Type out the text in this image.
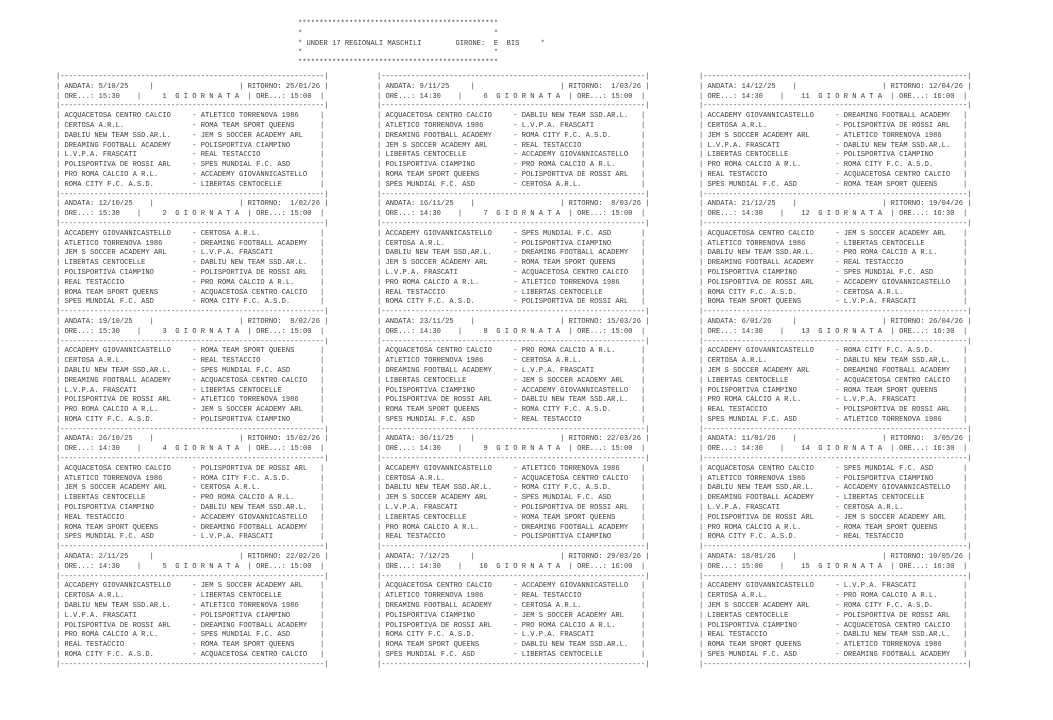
***********************************************
*                                             *
* UNDER 17 REGIONALI MASCHILI	GIRONE: E  BIS	*
*                                             *
***********************************************
|--------------------------------------------------------------|
| ANDATA: 5/10/25     |                    | RITORNO: 25/01/26 |
| ORE...: 15:30    |     1  G I O R N A T A  | ORE...: 15:00  |
|--------------------------------------------------------------|
| ACQUACETOSA CENTRO CALCIO     - ATLETICO TORRENOVA 1986     |
| CERTOSA A.R.L.                - ROMA TEAM SPORT QUEENS      |
| DABLIU NEW TEAM SSD.AR.L.     - JEM S SOCCER ACADEMY ARL    |
| DREAMING FOOTBALL ACADEMY     - POLISPORTIVA CIAMPINO       |
| L.V.P.A. FRASCATI             - REAL TESTACCIO              |
| POLISPORTIVA DE ROSSI ARL     - SPES MUNDIAL F.C. ASD       |
| PRO ROMA CALCIO A R.L.        - ACCADEMY GIOVANNICASTELLO   |
| ROMA CITY F.C. A.S.D.         - LIBERTAS CENTOCELLE         |
|--------------------------------------------------------------|
| ANDATA: 12/10/25    |                    | RITORNO:  1/02/26 |
| ORE...: 15:30    |     2  G I O R N A T A  | ORE...: 15:00  |
|--------------------------------------------------------------|
| ACCADEMY GIOVANNICASTELLO     - CERTOSA A.R.L.              |
| ATLETICO TORRENOVA 1986       - DREAMING FOOTBALL ACADEMY   |
| JEM S SOCCER ACADEMY ARL      - L.V.P.A. FRASCATI           |
| LIBERTAS CENTOCELLE           - DABLIU NEW TEAM SSD.AR.L.   |
| POLISPORTIVA CIAMPINO         - POLISPORTIVA DE ROSSI ARL   |
| REAL TESTACCIO                - PRO ROMA CALCIO A R.L.      |
| ROMA TEAM SPORT QUEENS        - ACQUACETOSA CENTRO CALCIO   |
| SPES MUNDIAL F.C. ASD         - ROMA CITY F.C. A.S.D.       |
|--------------------------------------------------------------|
| ANDATA: 19/10/25    |                    | RITORNO:  8/02/26 |
| ORE...: 15:30    |     3  G I O R N A T A  | ORE...: 15:00  |
|--------------------------------------------------------------|
| ACCADEMY GIOVANNICASTELLO     - ROMA TEAM SPORT QUEENS      |
| CERTOSA A.R.L.                - REAL TESTACCIO              |
| DABLIU NEW TEAM SSD.AR.L.     - SPES MUNDIAL F.C. ASD       |
| DREAMING FOOTBALL ACADEMY     - ACQUACETOSA CENTRO CALCIO   |
| L.V.P.A. FRASCATI             - LIBERTAS CENTOCELLE         |
| POLISPORTIVA DE ROSSI ARL     - ATLETICO TORRENOVA 1986     |
| PRO ROMA CALCIO A R.L.        - JEM S SOCCER ACADEMY ARL    |
| ROMA CITY F.C. A.S.D.         - POLISPORTIVA CIAMPINO       |
|--------------------------------------------------------------|
| ANDATA: 26/10/25    |                    | RITORNO: 15/02/26 |
| ORE...: 14:30    |     4  G I O R N A T A  | ORE...: 15:00  |
|--------------------------------------------------------------|
| ACQUACETOSA CENTRO CALCIO     - POLISPORTIVA DE ROSSI ARL   |
| ATLETICO TORRENOVA 1986       - ROMA CITY F.C. A.S.D.       |
| JEM S SOCCER ACADEMY ARL      - CERTOSA A.R.L.              |
| LIBERTAS CENTOCELLE           - PRO ROMA CALCIO A R.L.      |
| POLISPORTIVA CIAMPINO         - DABLIU NEW TEAM SSD.AR.L.   |
| REAL TESTACCIO                - ACCADEMY GIOVANNICASTELLO   |
| ROMA TEAM SPORT QUEENS        - DREAMING FOOTBALL ACADEMY   |
| SPES MUNDIAL F.C. ASD         - L.V.P.A. FRASCATI           |
|--------------------------------------------------------------|
| ANDATA: 2/11/25     |                    | RITORNO: 22/02/26 |
| ORE...: 14:30    |     5  G I O R N A T A  | ORE...: 15:00  |
|--------------------------------------------------------------|
| ACCADEMY GIOVANNICASTELLO     - JEM S SOCCER ACADEMY ARL    |
| CERTOSA A.R.L.                - LIBERTAS CENTOCELLE         |
| DABLIU NEW TEAM SSD.AR.L.     - ATLETICO TORRENOVA 1986     |
| L.V.P.A. FRASCATI             - POLISPORTIVA CIAMPINO       |
| POLISPORTIVA DE ROSSI ARL     - DREAMING FOOTBALL ACADEMY   |
| PRO ROMA CALCIO A R.L.        - SPES MUNDIAL F.C. ASD       |
| REAL TESTACCIO                - ROMA TEAM SPORT QUEENS      |
| ROMA CITY F.C. A.S.D.         - ACQUACETOSA CENTRO CALCIO   |
|--------------------------------------------------------------|
|--------------------------------------------------------------|
| ANDATA: 9/11/25     |                    | RITORNO:  1/03/26 |
| ORE...: 14:30    |     6  G I O R N A T A  | ORE...: 15:00  |
|--------------------------------------------------------------|
| ACQUACETOSA CENTRO CALCIO     - DABLIU NEW TEAM SSD.AR.L.   |
| ATLETICO TORRENOVA 1986       - L.V.P.A. FRASCATI           |
| DREAMING FOOTBALL ACADEMY     - ROMA CITY F.C. A.S.D.       |
| JEM S SOCCER ACADEMY ARL      - REAL TESTACCIO              |
| LIBERTAS CENTOCELLE           - ACCADEMY GIOVANNICASTELLO   |
| POLISPORTIVA CIAMPINO         - PRO ROMA CALCIO A R.L.      |
| ROMA TEAM SPORT QUEENS        - POLISPORTIVA DE ROSSI ARL   |
| SPES MUNDIAL F.C. ASD         - CERTOSA A.R.L.              |
|--------------------------------------------------------------|
| ANDATA: 16/11/25    |                    | RITORNO:  8/03/26 |
| ORE...: 14:30    |     7  G I O R N A T A  | ORE...: 15:00  |
|--------------------------------------------------------------|
| ACCADEMY GIOVANNICASTELLO     - SPES MUNDIAL F.C. ASD       |
| CERTOSA A.R.L.                - POLISPORTIVA CIAMPINO       |
| DABLIU NEW TEAM SSD.AR.L.     - DREAMING FOOTBALL ACADEMY   |
| JEM S SOCCER ACADEMY ARL      - ROMA TEAM SPORT QUEENS      |
| L.V.P.A. FRASCATI             - ACQUACETOSA CENTRO CALCIO   |
| PRO ROMA CALCIO A R.L.        - ATLETICO TORRENOVA 1986     |
| REAL TESTACCIO                - LIBERTAS CENTOCELLE         |
| ROMA CITY F.C. A.S.D.         - POLISPORTIVA DE ROSSI ARL   |
|--------------------------------------------------------------|
| ANDATA: 23/11/25    |                    | RITORNO: 15/03/26 |
| ORE...: 14:30    |     8  G I O R N A T A  | ORE...: 15:00  |
|--------------------------------------------------------------|
| ACQUACETOSA CENTRO CALCIO     - PRO ROMA CALCIO A R.L.      |
| ATLETICO TORRENOVA 1986       - CERTOSA A.R.L.              |
| DREAMING FOOTBALL ACADEMY     - L.V.P.A. FRASCATI           |
| LIBERTAS CENTOCELLE           - JEM S SOCCER ACADEMY ARL    |
| POLISPORTIVA CIAMPINO         - ACCADEMY GIOVANNICASTELLO   |
| POLISPORTIVA DE ROSSI ARL     - DABLIU NEW TEAM SSD.AR.L.   |
| ROMA TEAM SPORT QUEENS        - ROMA CITY F.C. A.S.D.       |
| SPES MUNDIAL F.C. ASD         - REAL TESTACCIO              |
|--------------------------------------------------------------|
| ANDATA: 30/11/25    |                    | RITORNO: 22/03/26 |
| ORE...: 14:30    |     9  G I O R N A T A  | ORE...: 15:00  |
|--------------------------------------------------------------|
| ACCADEMY GIOVANNICASTELLO     - ATLETICO TORRENOVA 1986     |
| CERTOSA A.R.L.                - ACQUACETOSA CENTRO CALCIO   |
| DABLIU NEW TEAM SSD.AR.L.     - ROMA CITY F.C. A.S.D.       |
| JEM S SOCCER ACADEMY ARL      - SPES MUNDIAL F.C. ASD       |
| L.V.P.A. FRASCATI             - POLISPORTIVA DE ROSSI ARL   |
| LIBERTAS CENTOCELLE           - ROMA TEAM SPORT QUEENS      |
| PRO ROMA CALCIO A R.L.        - DREAMING FOOTBALL ACADEMY   |
| REAL TESTACCIO                - POLISPORTIVA CIAMPINO       |
|--------------------------------------------------------------|
| ANDATA: 7/12/25     |                    | RITORNO: 29/03/26 |
| ORE...: 14:30    |    10  G I O R N A T A  | ORE...: 16:00  |
|--------------------------------------------------------------|
| ACQUACETOSA CENTRO CALCIO     - ACCADEMY GIOVANNICASTELLO   |
| ATLETICO TORRENOVA 1986       - REAL TESTACCIO              |
| DREAMING FOOTBALL ACADEMY     - CERTOSA A.R.L.              |
| POLISPORTIVA CIAMPINO         - JEM S SOCCER ACADEMY ARL    |
| POLISPORTIVA DE ROSSI ARL     - PRO ROMA CALCIO A R.L.      |
| ROMA CITY F.C. A.S.D.         - L.V.P.A. FRASCATI           |
| ROMA TEAM SPORT QUEENS        - DABLIU NEW TEAM SSD.AR.L.   |
| SPES MUNDIAL F.C. ASD         - LIBERTAS CENTOCELLE         |
|--------------------------------------------------------------|
|--------------------------------------------------------------|
| ANDATA: 14/12/25    |                    | RITORNO: 12/04/26 |
| ORE...: 14:30    |    11  G I O R N A T A  | ORE...: 16:00  |
|--------------------------------------------------------------|
| ACCADEMY GIOVANNICASTELLO     - DREAMING FOOTBALL ACADEMY   |
| CERTOSA A.R.L.                - POLISPORTIVA DE ROSSI ARL   |
| JEM S SOCCER ACADEMY ARL      - ATLETICO TORRENOVA 1986     |
| L.V.P.A. FRASCATI             - DABLIU NEW TEAM SSD.AR.L.   |
| LIBERTAS CENTOCELLE           - POLISPORTIVA CIAMPINO       |
| PRO ROMA CALCIO A R.L.        - ROMA CITY F.C. A.S.D.       |
| REAL TESTACCIO                - ACQUACETOSA CENTRO CALCIO   |
| SPES MUNDIAL F.C. ASD         - ROMA TEAM SPORT QUEENS      |
|--------------------------------------------------------------|
| ANDATA: 21/12/25    |                    | RITORNO: 19/04/26 |
| ORE...: 14:30    |    12  G I O R N A T A  | ORE...: 16:30  |
|--------------------------------------------------------------|
| ACQUACETOSA CENTRO CALCIO     - JEM S SOCCER ACADEMY ARL    |
| ATLETICO TORRENOVA 1986       - LIBERTAS CENTOCELLE         |
| DABLIU NEW TEAM SSD.AR.L.     - PRO ROMA CALCIO A R.L.      |
| DREAMING FOOTBALL ACADEMY     - REAL TESTACCIO              |
| POLISPORTIVA CIAMPINO         - SPES MUNDIAL F.C. ASD       |
| POLISPORTIVA DE ROSSI ARL     - ACCADEMY GIOVANNICASTELLO   |
| ROMA CITY F.C. A.S.D.         - CERTOSA A.R.L.              |
| ROMA TEAM SPORT QUEENS        - L.V.P.A. FRASCATI           |
|--------------------------------------------------------------|
| ANDATA: 6/01/26     |                    | RITORNO: 26/04/26 |
| ORE...: 14:30    |    13  G I O R N A T A  | ORE...: 16:30  |
|--------------------------------------------------------------|
| ACCADEMY GIOVANNICASTELLO     - ROMA CITY F.C. A.S.D.       |
| CERTOSA A.R.L.                - DABLIU NEW TEAM SSD.AR.L.   |
| JEM S SOCCER ACADEMY ARL      - DREAMING FOOTBALL ACADEMY   |
| LIBERTAS CENTOCELLE           - ACQUACETOSA CENTRO CALCIO   |
| POLISPORTIVA CIAMPINO         - ROMA TEAM SPORT QUEENS      |
| PRO ROMA CALCIO A R.L.        - L.V.P.A. FRASCATI           |
| REAL TESTACCIO                - POLISPORTIVA DE ROSSI ARL   |
| SPES MUNDIAL F.C. ASD         - ATLETICO TORRENOVA 1986     |
|--------------------------------------------------------------|
| ANDATA: 11/01/26    |                    | RITORNO:  3/05/26 |
| ORE...: 14:30    |    14  G I O R N A T A  | ORE...: 16:30  |
|--------------------------------------------------------------|
| ACQUACETOSA CENTRO CALCIO     - SPES MUNDIAL F.C. ASD       |
| ATLETICO TORRENOVA 1986       - POLISPORTIVA CIAMPINO       |
| DABLIU NEW TEAM SSD.AR.L.     - ACCADEMY GIOVANNICASTELLO   |
| DREAMING FOOTBALL ACADEMY     - LIBERTAS CENTOCELLE         |
| L.V.P.A. FRASCATI             - CERTOSA A.R.L.              |
| POLISPORTIVA DE ROSSI ARL     - JEM S SOCCER ACADEMY ARL    |
| PRO ROMA CALCIO A R.L.        - ROMA TEAM SPORT QUEENS      |
| ROMA CITY F.C. A.S.D.         - REAL TESTACCIO              |
|--------------------------------------------------------------|
| ANDATA: 18/01/26    |                    | RITORNO: 10/05/26 |
| ORE...: 15:00    |    15  G I O R N A T A  | ORE...: 16:30  |
|--------------------------------------------------------------|
| ACCADEMY GIOVANNICASTELLO     - L.V.P.A. FRASCATI           |
| CERTOSA A.R.L.                - PRO ROMA CALCIO A R.L.      |
| JEM S SOCCER ACADEMY ARL      - ROMA CITY F.C. A.S.D.       |
| LIBERTAS CENTOCELLE           - POLISPORTIVA DE ROSSI ARL   |
| POLISPORTIVA CIAMPINO         - ACQUACETOSA CENTRO CALCIO   |
| REAL TESTACCIO                - DABLIU NEW TEAM SSD.AR.L.   |
| ROMA TEAM SPORT QUEENS        - ATLETICO TORRENOVA 1986     |
| SPES MUNDIAL F.C. ASD         - DREAMING FOOTBALL ACADEMY   |
|--------------------------------------------------------------|
